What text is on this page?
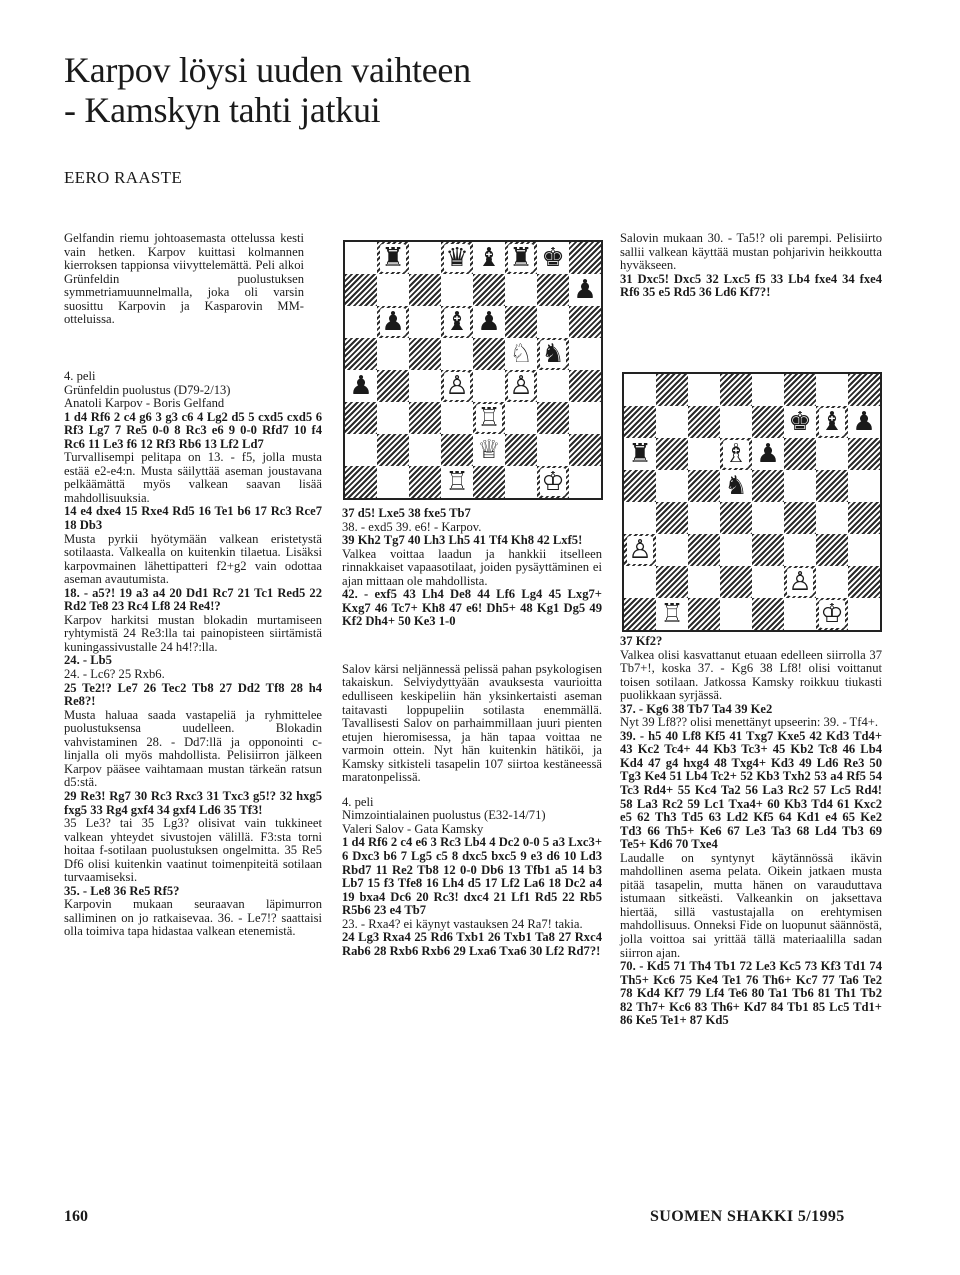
Karpov löysi uuden vaihteen
- Kamskyn tahti jatkui
EERO RAASTE

Gelfandin riemu johtoasemasta ottelussa kesti vain hetken. Karpov kuittasi kolmannen kierroksen tappionsa viivyttelemättä. Peli alkoi Grünfeldin puolustuksen symmetriamuunnelmalla, joka oli varsin suosittu Karpovin ja Kasparovin MM-otteluissa.

4. peli

Grünfeldin puolustus (D79-2/13)

Anatoli Karpov - Boris Gelfand

1 d4 Rf6 2 c4 g6 3 g3 c6 4 Lg2 d5 5 cxd5 cxd5 6 Rf3 Lg7 7 Re5 0-0 8 Rc3 e6 9 0-0 Rfd7 10 f4 Rc6 11 Le3 f6 12 Rf3 Rb6 13 Lf2 Ld7

Turvallisempi pelitapa on 13. - f5, jolla musta estää e2-e4:n. Musta säilyttää aseman joustavana pelkäämättä myös valkean saavan lisää mahdollisuuksia.

14 e4 dxe4 15 Rxe4 Rd5 16 Te1 b6 17 Rc3 Rce7 18 Db3

Musta pyrkii hyötymään valkean eristetystä sotilaasta. Valkealla on kuitenkin tilaetua. Lisäksi karpovmainen lähettipatteri f2+g2 vain odottaa aseman avautumista.

18. - a5?! 19 a3 a4 20 Dd1 Rc7 21 Tc1 Red5 22 Rd2 Te8 23 Rc4 Lf8 24 Re4!?

Karpov harkitsi mustan blokadin murtamiseen ryhtymistä 24 Re3:lla tai painopisteen siirtämistä kuningassivustalle 24 h4!?:lla.

24. - Lb5

24. - Lc6? 25 Rxb6.

25 Te2!? Le7 26 Tec2 Tb8 27 Dd2 Tf8 28 h4 Re8?!

Musta haluaa saada vastapeliä ja ryhmittelee puolustuksensa uudelleen. Blokadin vahvistaminen 28. - Dd7:llä ja opponointi c-linjalla oli myös mahdollista. Pelisiirron jälkeen Karpov pääsee vaihtamaan mustan tärkeän ratsun d5:stä.

29 Re3! Rg7 30 Rc3 Rxc3 31 Txc3 g5!? 32 hxg5 fxg5 33 Rg4 gxf4 34 gxf4 Ld6 35 Tf3!

35 Le3? tai 35 Lg3? olisivat vain tukkineet valkean yhteydet sivustojen välillä. F3:sta torni hoitaa f-sotilaan puolustuksen ongelmitta. 35 Re5 Df6 olisi kuitenkin vaatinut toimenpiteitä sotilaan turvaamiseksi.

35. - Le8 36 Re5 Rf5?

Karpovin mukaan seuraavan läpimurron salliminen on jo ratkaisevaa. 36. - Le7!? saattaisi olla toimiva tapa hidastaa valkean etenemistä.

37 d5! Lxe5 38 fxe5 Tb7

38. - exd5 39. e6! - Karpov.

39 Kh2 Tg7 40 Lh3 Lh5 41 Tf4 Kh8 42 Lxf5!

Valkea voittaa laadun ja hankkii itselleen rinnakkaiset vapaasotilaat, joiden pysäyttäminen ei ajan mittaan ole mahdollista.

42. - exf5 43 Lh4 De8 44 Lf6 Lg4 45 Lxg7+ Kxg7 46 Tc7+ Kh8 47 e6! Dh5+ 48 Kg1 Dg5 49 Kf2 Dh4+ 50 Ke3 1-0

Salov kärsi neljännessä pelissä pahan psykologisen takaiskun. Selviydyttyään avauksesta vaurioitta edulliseen keskipeliin hän yksinkertaisti aseman taitavasti loppupeliin sotilasta enemmällä. Tavallisesti Salov on parhaimmillaan juuri pienten etujen hieromisessa, ja hän tapaa voittaa ne varmoin ottein. Nyt hän kuitenkin hätiköi, ja Kamsky sitkisteli tasapelin 107 siirtoa kestäneessä maratonpelissä.

4. peli

Nimzointialainen puolustus (E32-14/71)

Valeri Salov - Gata Kamsky

1 d4 Rf6 2 c4 e6 3 Rc3 Lb4 4 Dc2 0-0 5 a3 Lxc3+ 6 Dxc3 b6 7 Lg5 c5 8 dxc5 bxc5 9 e3 d6 10 Ld3 Rbd7 11 Re2 Tb8 12 0-0 Db6 13 Tfb1 a5 14 b3 Lb7 15 f3 Tfe8 16 Lh4 d5 17 Lf2 La6 18 Dc2 a4 19 bxa4 Dc6 20 Rc3! dxc4 21 Lf1 Rd5 22 Rb5 R5b6 23 e4 Tb7

23. - Rxa4? ei käynyt vastauksen 24 Ra7! takia.

24 Lg3 Rxa4 25 Rd6 Txb1 26 Txb1 Ta8 27 Rxc4 Rab6 28 Rxb6 Rxb6 29 Lxa6 Txa6 30 Lf2 Rd7?!

Salovin mukaan 30. - Ta5!? oli parempi. Pelisiirto sallii valkean käyttää mustan pohjarivin heikkoutta hyväkseen.

31 Dxc5! Dxc5 32 Lxc5 f5 33 Lb4 fxe4 34 fxe4 Rf6 35 e5 Rd5 36 Ld6 Kf7?!

37 Kf2?

Valkea olisi kasvattanut etuaan edelleen siirrolla 37 Tb7+!, koska 37. - Kg6 38 Lf8! olisi voittanut toisen sotilaan. Jatkossa Kamsky roikkuu tiukasti puolikkaan syrjässä.

37. - Kg6 38 Tb7 Ta4 39 Ke2

Nyt 39 Lf8?? olisi menettänyt upseerin: 39. - Tf4+.

39. - h5 40 Lf8 Kf5 41 Txg7 Kxe5 42 Kd3 Td4+ 43 Kc2 Tc4+ 44 Kb3 Tc3+ 45 Kb2 Tc8 46 Lb4 Kd4 47 g4 hxg4 48 Txg4+ Kd3 49 Ld6 Re3 50 Tg3 Ke4 51 Lb4 Tc2+ 52 Kb3 Txh2 53 a4 Rf5 54 Tc3 Rd4+ 55 Kc4 Ta2 56 La3 Rc2 57 Lc5 Rd4! 58 La3 Rc2 59 Lc1 Txa4+ 60 Kb3 Td4 61 Kxc2 e5 62 Th3 Td5 63 Ld2 Kf5 64 Kd1 e4 65 Ke2 Td3 66 Th5+ Ke6 67 Le3 Ta3 68 Ld4 Tb3 69 Te5+ Kd6 70 Txe4

Laudalle on syntynyt käytännössä ikävin mahdollinen asema pelata. Oikein jatkaen musta pitää tasapelin, mutta hänen on varauduttava istumaan sitkeästi. Valkeankin on jaksettava hiertää, sillä vastustajalla on erehtymisen mahdollisuus. Onneksi Fide on luopunut säännöstä, jolla voittoa sai yrittää tällä materiaalilla sadan siirron ajan.

70. - Kd5 71 Th4 Tb1 72 Le3 Kc5 73 Kf3 Td1 74 Th5+ Kc6 75 Ke4 Te1 76 Th6+ Kc7 77 Ta6 Te2 78 Kd4 Kf7 79 Lf4 Te6 80 Ta1 Tb6 81 Th1 Tb2 82 Th7+ Kc6 83 Th6+ Kd7 84 Tb1 85 Lc5 Td1+ 86 Ke5 Te1+ 87 Kd5

♜ ♛ ♝ ♜ ♚
♟
♟ ♝ ♟
♘ ♞
♟	♙ ♙
♖
♕
♖	♔
♚ ♝ ♟
♜	♗ ♟
♞
♙
♙
♖	♔
160	SUOMEN SHAKKI 5/1995
